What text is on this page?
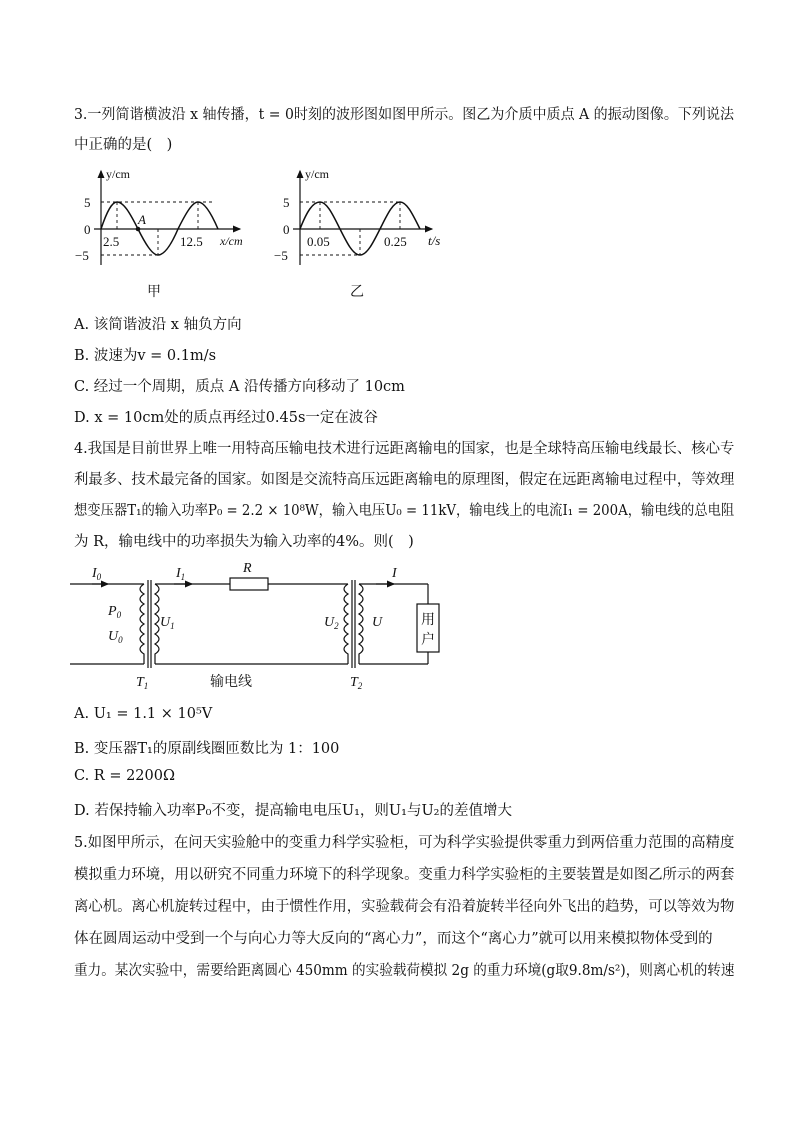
3.一列简谐横波沿 x 轴传播，t = 0时刻的波形图如图甲所示。图乙为介质中质点 A 的振动图像。下列说法
中正确的是(　)
y/cm
5
0
−5
2.5	12.5
A
x/cm
甲
y/cm
5
0
−5
0.05	0.25 t/s
乙
A. 该简谐波沿 x 轴负方向
B. 波速为v = 0.1m/s
C. 经过一个周期，质点 A 沿传播方向移动了 10cm
D. x = 10cm处的质点再经过0.45s一定在波谷
4.我国是目前世界上唯一用特高压输电技术进行远距离输电的国家，也是全球特高压输电线最长、核心专
利最多、技术最完备的国家。如图是交流特高压远距离输电的原理图，假定在远距离输电过程中，等效理
想变压器T₁的输入功率P₀ = 2.2 × 10⁸W，输入电压U₀ = 11kV，输电线上的电流I₁ = 200A，输电线的总电阻
为 R，输电线中的功率损失为输入功率的4%。则(　)
$I_0$	$I_1$
R	I
$P_0$
$U_0$
$U_1$	$U_2$ U	用
户
$T_1$	输电线	$T_2$
A. U₁ = 1.1 × 10⁵V
B. 变压器T₁的原副线圈匝数比为 1：100
C. R = 2200Ω
D. 若保持输入功率P₀不变，提高输电电压U₁，则U₁与U₂的差值增大
5.如图甲所示，在问天实验舱中的变重力科学实验柜，可为科学实验提供零重力到两倍重力范围的高精度
模拟重力环境，用以研究不同重力环境下的科学现象。变重力科学实验柜的主要装置是如图乙所示的两套
离心机。离心机旋转过程中，由于惯性作用，实验载荷会有沿着旋转半径向外飞出的趋势，可以等效为物
体在圆周运动中受到一个与向心力等大反向的“离心力”，而这个“离心力”就可以用来模拟物体受到的
重力。某次实验中，需要给距离圆心 450mm 的实验载荷模拟 2g 的重力环境(g取9.8m/s²)，则离心机的转速
